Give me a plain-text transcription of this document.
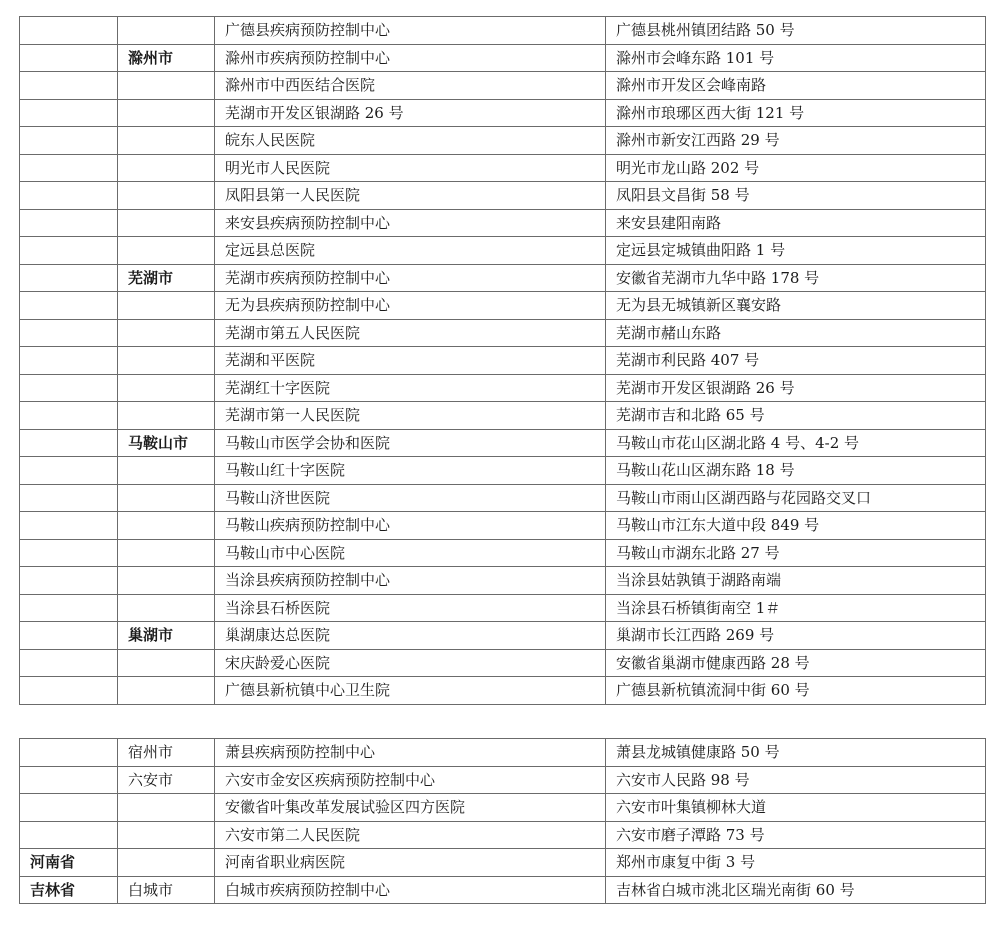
		广德县疾病预防控制中心	广德县桃州镇团结路 50 号
	滁州市	滁州市疾病预防控制中心	滁州市会峰东路 101 号
		滁州市中西医结合医院	滁州市开发区会峰南路
		芜湖市开发区银湖路 26 号	滁州市琅琊区西大街 121 号
		皖东人民医院	滁州市新安江西路 29 号
		明光市人民医院	明光市龙山路 202 号
		凤阳县第一人民医院	凤阳县文昌街 58 号
		来安县疾病预防控制中心	来安县建阳南路
		定远县总医院	定远县定城镇曲阳路 1 号
	芜湖市	芜湖市疾病预防控制中心	安徽省芜湖市九华中路 178 号
		无为县疾病预防控制中心	无为县无城镇新区襄安路
		芜湖市第五人民医院	芜湖市赭山东路
		芜湖和平医院	芜湖市利民路 407 号
		芜湖红十字医院	芜湖市开发区银湖路 26 号
		芜湖市第一人民医院	芜湖市吉和北路 65 号
	马鞍山市	马鞍山市医学会协和医院	马鞍山市花山区湖北路 4 号、4-2 号
		马鞍山红十字医院	马鞍山花山区湖东路 18 号
		马鞍山济世医院	马鞍山市雨山区湖西路与花园路交叉口
		马鞍山疾病预防控制中心	马鞍山市江东大道中段 849 号
		马鞍山市中心医院	马鞍山市湖东北路 27 号
		当涂县疾病预防控制中心	当涂县姑孰镇于湖路南端
		当涂县石桥医院	当涂县石桥镇街南空 1＃
	巢湖市	巢湖康达总医院	巢湖市长江西路 269 号
		宋庆龄爱心医院	安徽省巢湖市健康西路 28 号
		广德县新杭镇中心卫生院	广德县新杭镇流洞中街 60 号
	宿州市	萧县疾病预防控制中心	萧县龙城镇健康路 50 号
	六安市	六安市金安区疾病预防控制中心	六安市人民路 98 号
		安徽省叶集改革发展试验区四方医院	六安市叶集镇柳林大道
		六安市第二人民医院	六安市磨子潭路 73 号
河南省		河南省职业病医院	郑州市康复中街 3 号
吉林省	白城市	白城市疾病预防控制中心	吉林省白城市洮北区瑞光南街 60 号
